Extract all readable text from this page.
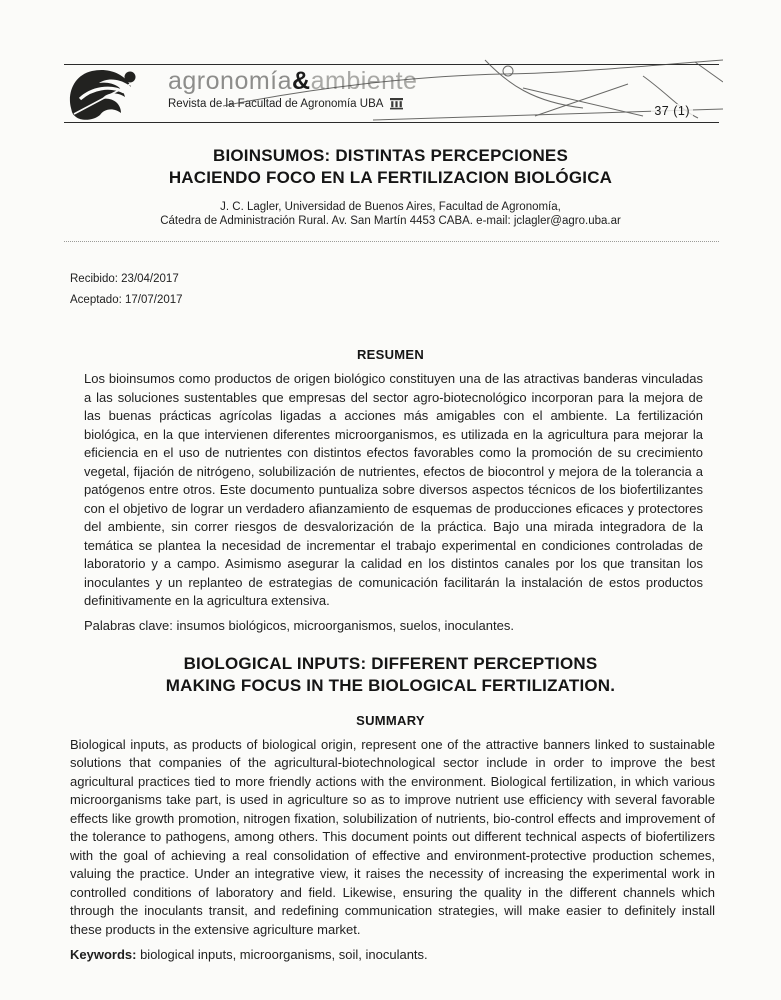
agronomía&ambiente
Revista de la Facultad de Agronomía UBA
37 (1)
BIOINSUMOS: DISTINTAS PERCEPCIONES
HACIENDO FOCO EN LA FERTILIZACION BIOLÓGICA

J. C. Lagler, Universidad de Buenos Aires, Facultad de Agronomía,
Cátedra de Administración Rural. Av. San Martín 4453 CABA. e-mail: jclagler@agro.uba.ar

Recibido: 23/04/2017

Aceptado: 17/07/2017

RESUMEN

Los bioinsumos como productos de origen biológico constituyen una de las atractivas banderas vinculadas a las soluciones sustentables que empresas del sector agro-biotecnológico incorporan para la mejora de las buenas prácticas agrícolas ligadas a acciones más amigables con el ambiente. La fertilización biológica, en la que intervienen diferentes microorganismos, es utilizada en la agricultura para mejorar la eficiencia en el uso de nutrientes con distintos efectos favorables como la promoción de su crecimiento vegetal, fijación de nitrógeno, solubilización de nutrientes, efectos de biocontrol y mejora de la tolerancia a patógenos entre otros. Este documento puntualiza sobre diversos aspectos técnicos de los biofertilizantes con el objetivo de lograr un verdadero afianzamiento de esquemas de producciones eficaces y protectores del ambiente, sin correr riesgos de desvalorización de la práctica. Bajo una mirada integradora de la temática se plantea la necesidad de incrementar el trabajo experimental en condiciones controladas de laboratorio y a campo. Asimismo asegurar la calidad en los distintos canales por los que transitan los inoculantes y un replanteo de estrategias de comunicación facilitarán la instalación de estos productos definitivamente en la agricultura extensiva.

Palabras clave: insumos biológicos, microorganismos, suelos, inoculantes.

BIOLOGICAL INPUTS: DIFFERENT PERCEPTIONS
MAKING FOCUS IN THE BIOLOGICAL FERTILIZATION.
SUMMARY

Biological inputs, as products of biological origin, represent one of the attractive banners linked to sustainable solutions that companies of the agricultural-biotechnological sector include in order to improve the best agricultural practices tied to more friendly actions with the environment. Biological fertilization, in which various microorganisms take part, is used in agriculture so as to improve nutrient use efficiency with several favorable effects like growth promotion, nitrogen fixation, solubilization of nutrients, bio-control effects and improvement of the tolerance to pathogens, among others. This document points out different technical aspects of biofertilizers with the goal of achieving a real consolidation of effective and environment-protective production schemes, valuing the practice. Under an integrative view, it raises the necessity of increasing the experimental work in controlled conditions of laboratory and field. Likewise, ensuring the quality in the different channels which through the inoculants transit, and redefining communication strategies, will make easier to definitely install these products in the extensive agriculture market.

Keywords: biological inputs, microorganisms, soil, inoculants.
